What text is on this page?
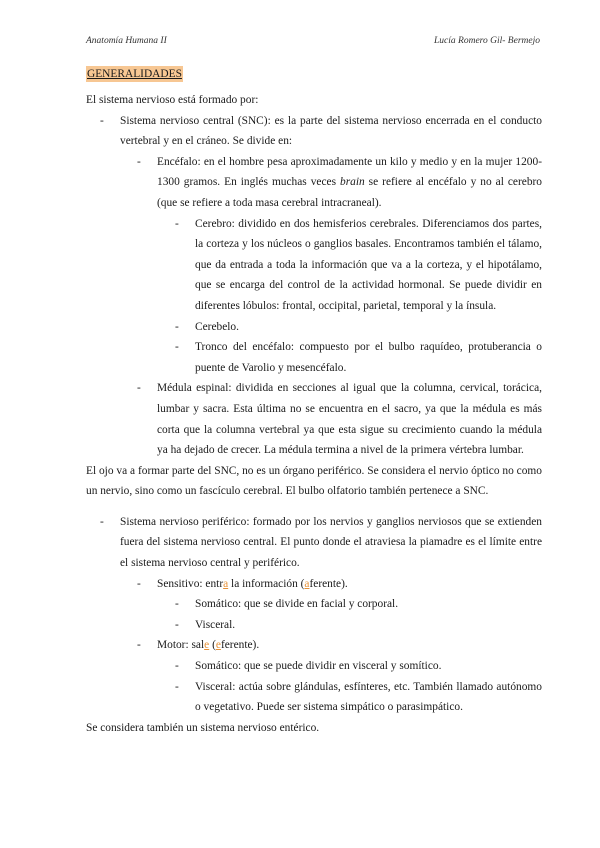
Anatomía Humana II	Lucía Romero Gil- Bermejo
GENERALIDADES

El sistema nervioso está formado por:

- Sistema nervioso central (SNC): es la parte del sistema nervioso encerrada en el conducto vertebral y en el cráneo. Se divide en:
- Encéfalo: en el hombre pesa aproximadamente un kilo y medio y en la mujer 1200-1300 gramos. En inglés muchas veces brain se refiere al encéfalo y no al cerebro (que se refiere a toda masa cerebral intracraneal).
- Cerebro: dividido en dos hemisferios cerebrales. Diferenciamos dos partes, la corteza y los núcleos o ganglios basales. Encontramos también el tálamo, que da entrada a toda la información que va a la corteza, y el hipotálamo, que se encarga del control de la actividad hormonal. Se puede dividir en diferentes lóbulos: frontal, occipital, parietal, temporal y la ínsula.
- Cerebelo.
- Tronco del encéfalo: compuesto por el bulbo raquídeo, protuberancia o puente de Varolio y mesencéfalo.
- Médula espinal: dividida en secciones al igual que la columna, cervical, torácica, lumbar y sacra. Esta última no se encuentra en el sacro, ya que la médula es más corta que la columna vertebral ya que esta sigue su crecimiento cuando la médula ya ha dejado de crecer. La médula termina a nivel de la primera vértebra lumbar.

El ojo va a formar parte del SNC, no es un órgano periférico. Se considera el nervio óptico no como un nervio, sino como un fascículo cerebral. El bulbo olfatorio también pertenece a SNC.

- Sistema nervioso periférico: formado por los nervios y ganglios nerviosos que se extienden fuera del sistema nervioso central. El punto donde el atraviesa la piamadre es el límite entre el sistema nervioso central y periférico.
- Sensitivo: entra la información (aferente).
- Somático: que se divide en facial y corporal.
- Visceral.
- Motor: sale (eferente).
- Somático: que se puede dividir en visceral y somítico.
- Visceral: actúa sobre glándulas, esfínteres, etc. También llamado autónomo o vegetativo. Puede ser sistema simpático o parasimpático.

Se considera también un sistema nervioso entérico.
